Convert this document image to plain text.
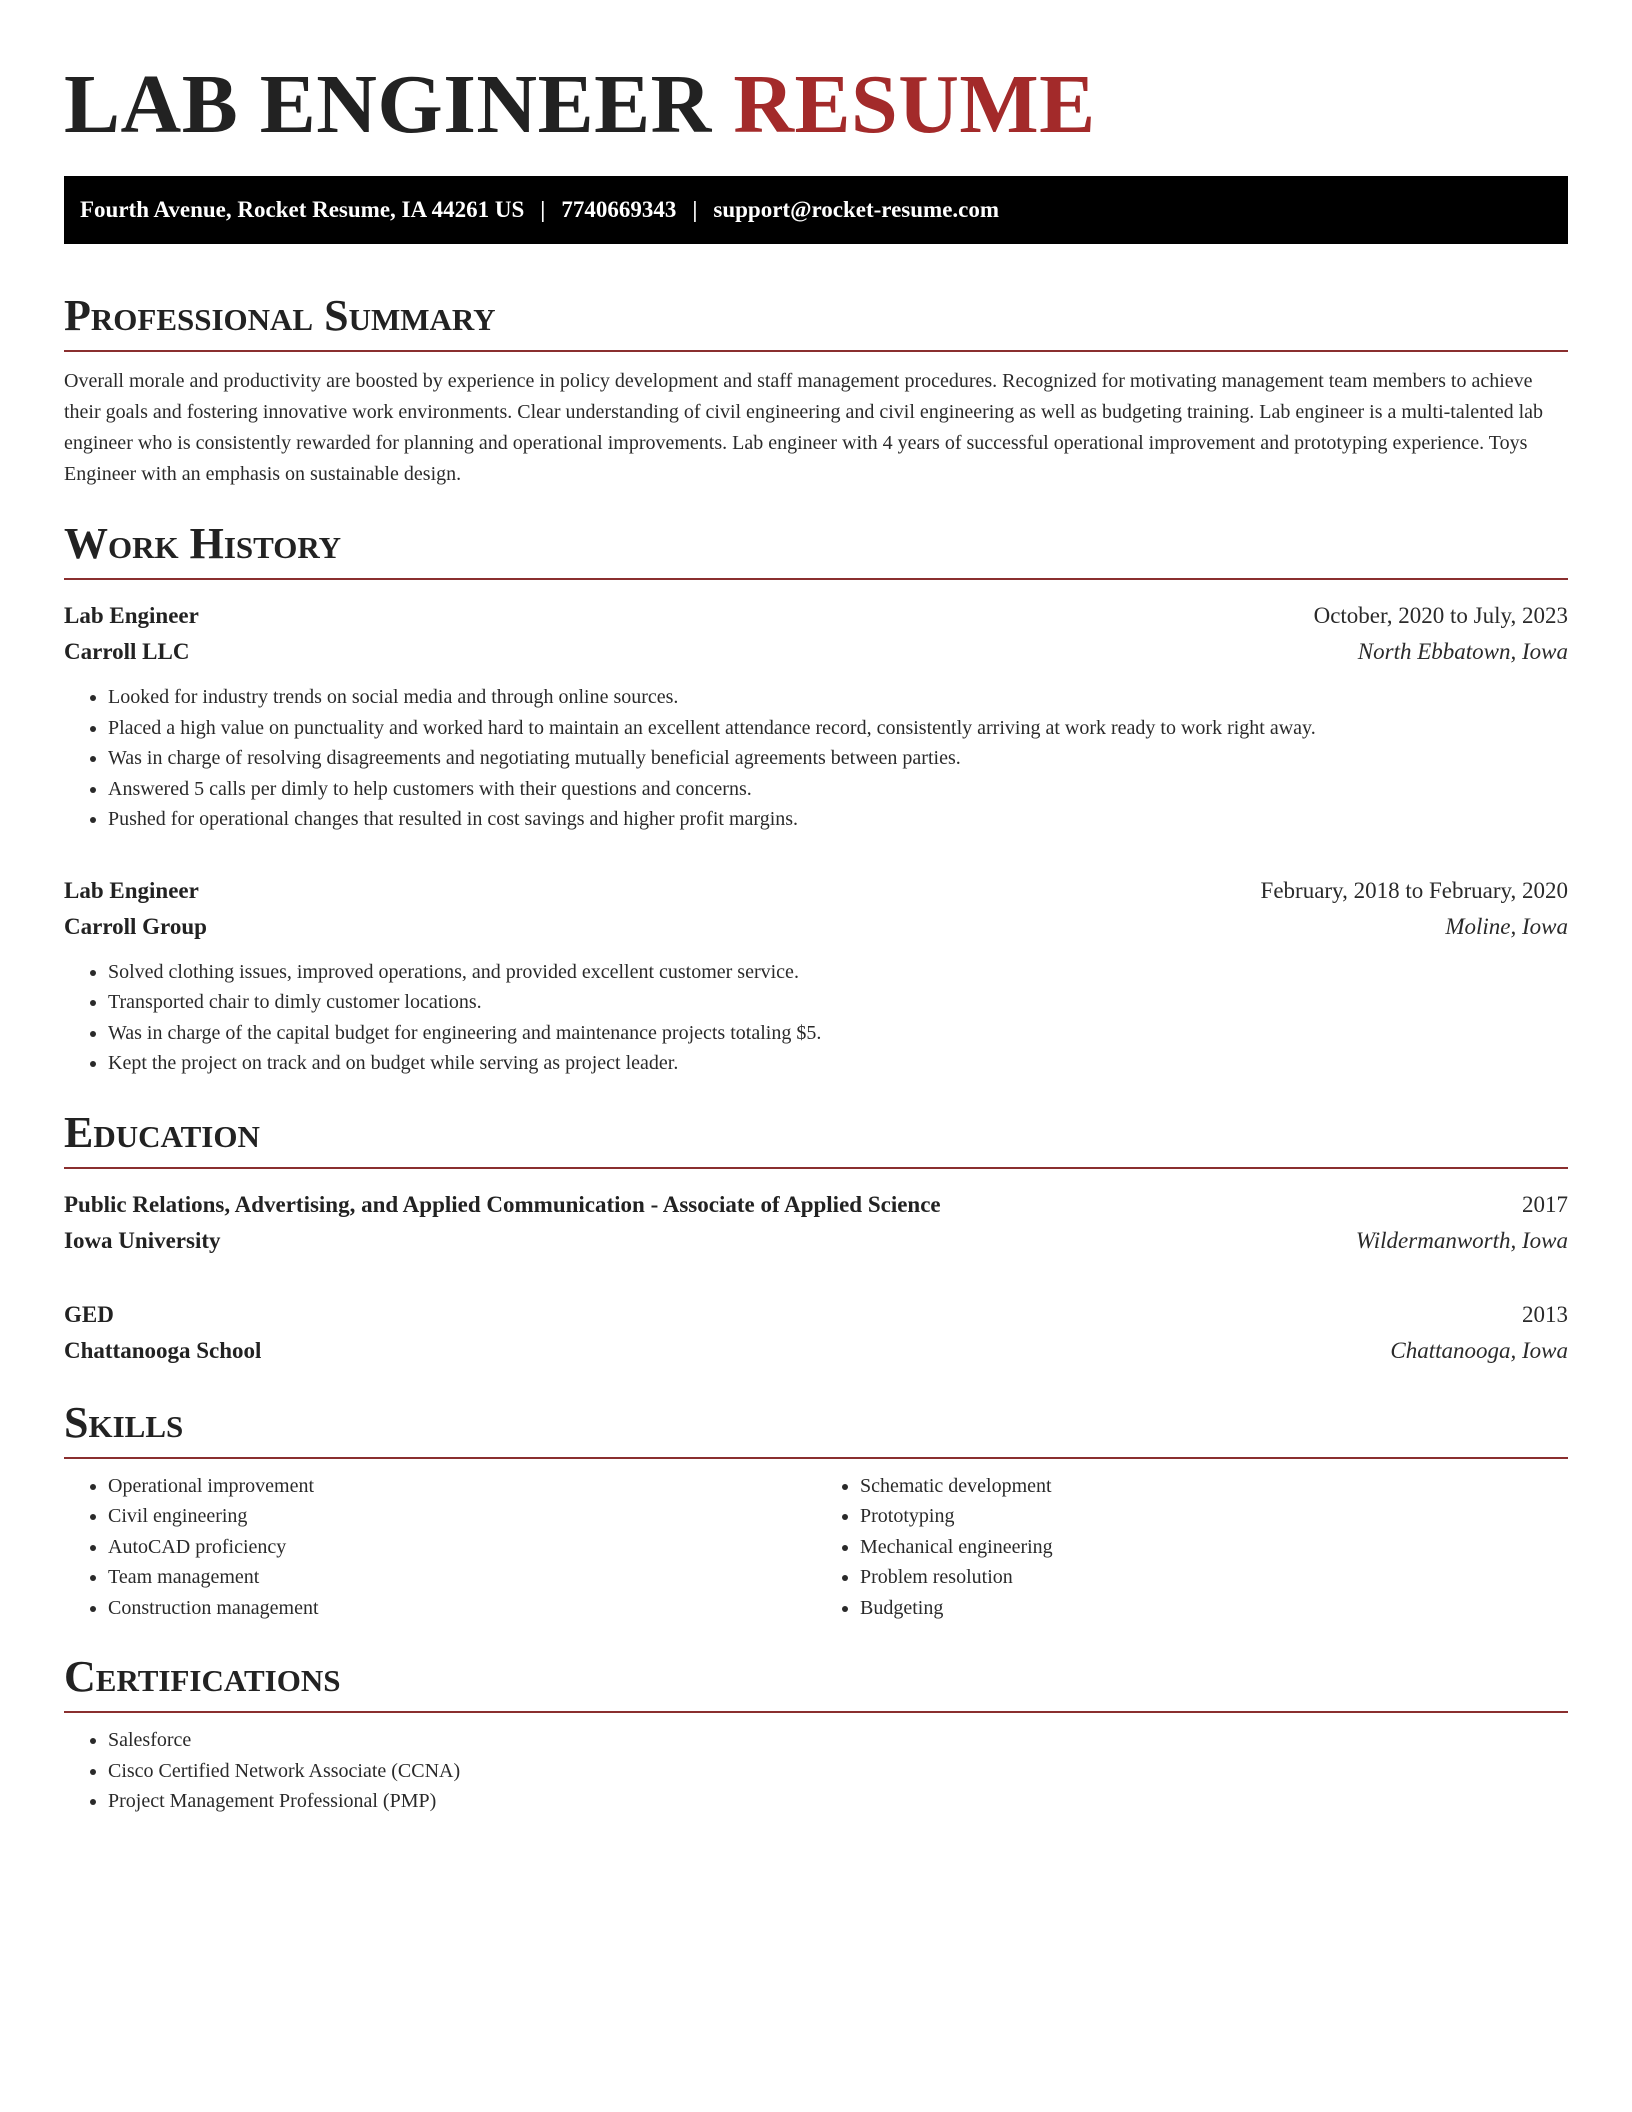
LAB ENGINEER RESUME
Fourth Avenue, Rocket Resume, IA 44261 US | 7740669343 | support@rocket-resume.com
Professional Summary

Overall morale and productivity are boosted by experience in policy development and staff management procedures. Recognized for motivating management team members to achieve their goals and fostering innovative work environments. Clear understanding of civil engineering and civil engineering as well as budgeting training. Lab engineer is a multi-talented lab engineer who is consistently rewarded for planning and operational improvements. Lab engineer with 4 years of successful operational improvement and prototyping experience. Toys Engineer with an emphasis on sustainable design.

Work History
Lab Engineer	October, 2020 to July, 2023
Carroll LLC	North Ebbatown, Iowa
• Looked for industry trends on social media and through online sources.
• Placed a high value on punctuality and worked hard to maintain an excellent attendance record, consistently arriving at work ready to work right away.
• Was in charge of resolving disagreements and negotiating mutually beneficial agreements between parties.
• Answered 5 calls per dimly to help customers with their questions and concerns.
• Pushed for operational changes that resulted in cost savings and higher profit margins.
Lab Engineer	February, 2018 to February, 2020
Carroll Group	Moline, Iowa
• Solved clothing issues, improved operations, and provided excellent customer service.
• Transported chair to dimly customer locations.
• Was in charge of the capital budget for engineering and maintenance projects totaling $5.
• Kept the project on track and on budget while serving as project leader.
Education
Public Relations, Advertising, and Applied Communication - Associate of Applied Science	2017
Iowa University	Wildermanworth, Iowa
GED	2013
Chattanooga School	Chattanooga, Iowa
Skills
• Operational improvement
• Civil engineering
• AutoCAD proficiency
• Team management
• Construction management
• Schematic development
• Prototyping
• Mechanical engineering
• Problem resolution
• Budgeting
Certifications
• Salesforce
• Cisco Certified Network Associate (CCNA)
• Project Management Professional (PMP)
